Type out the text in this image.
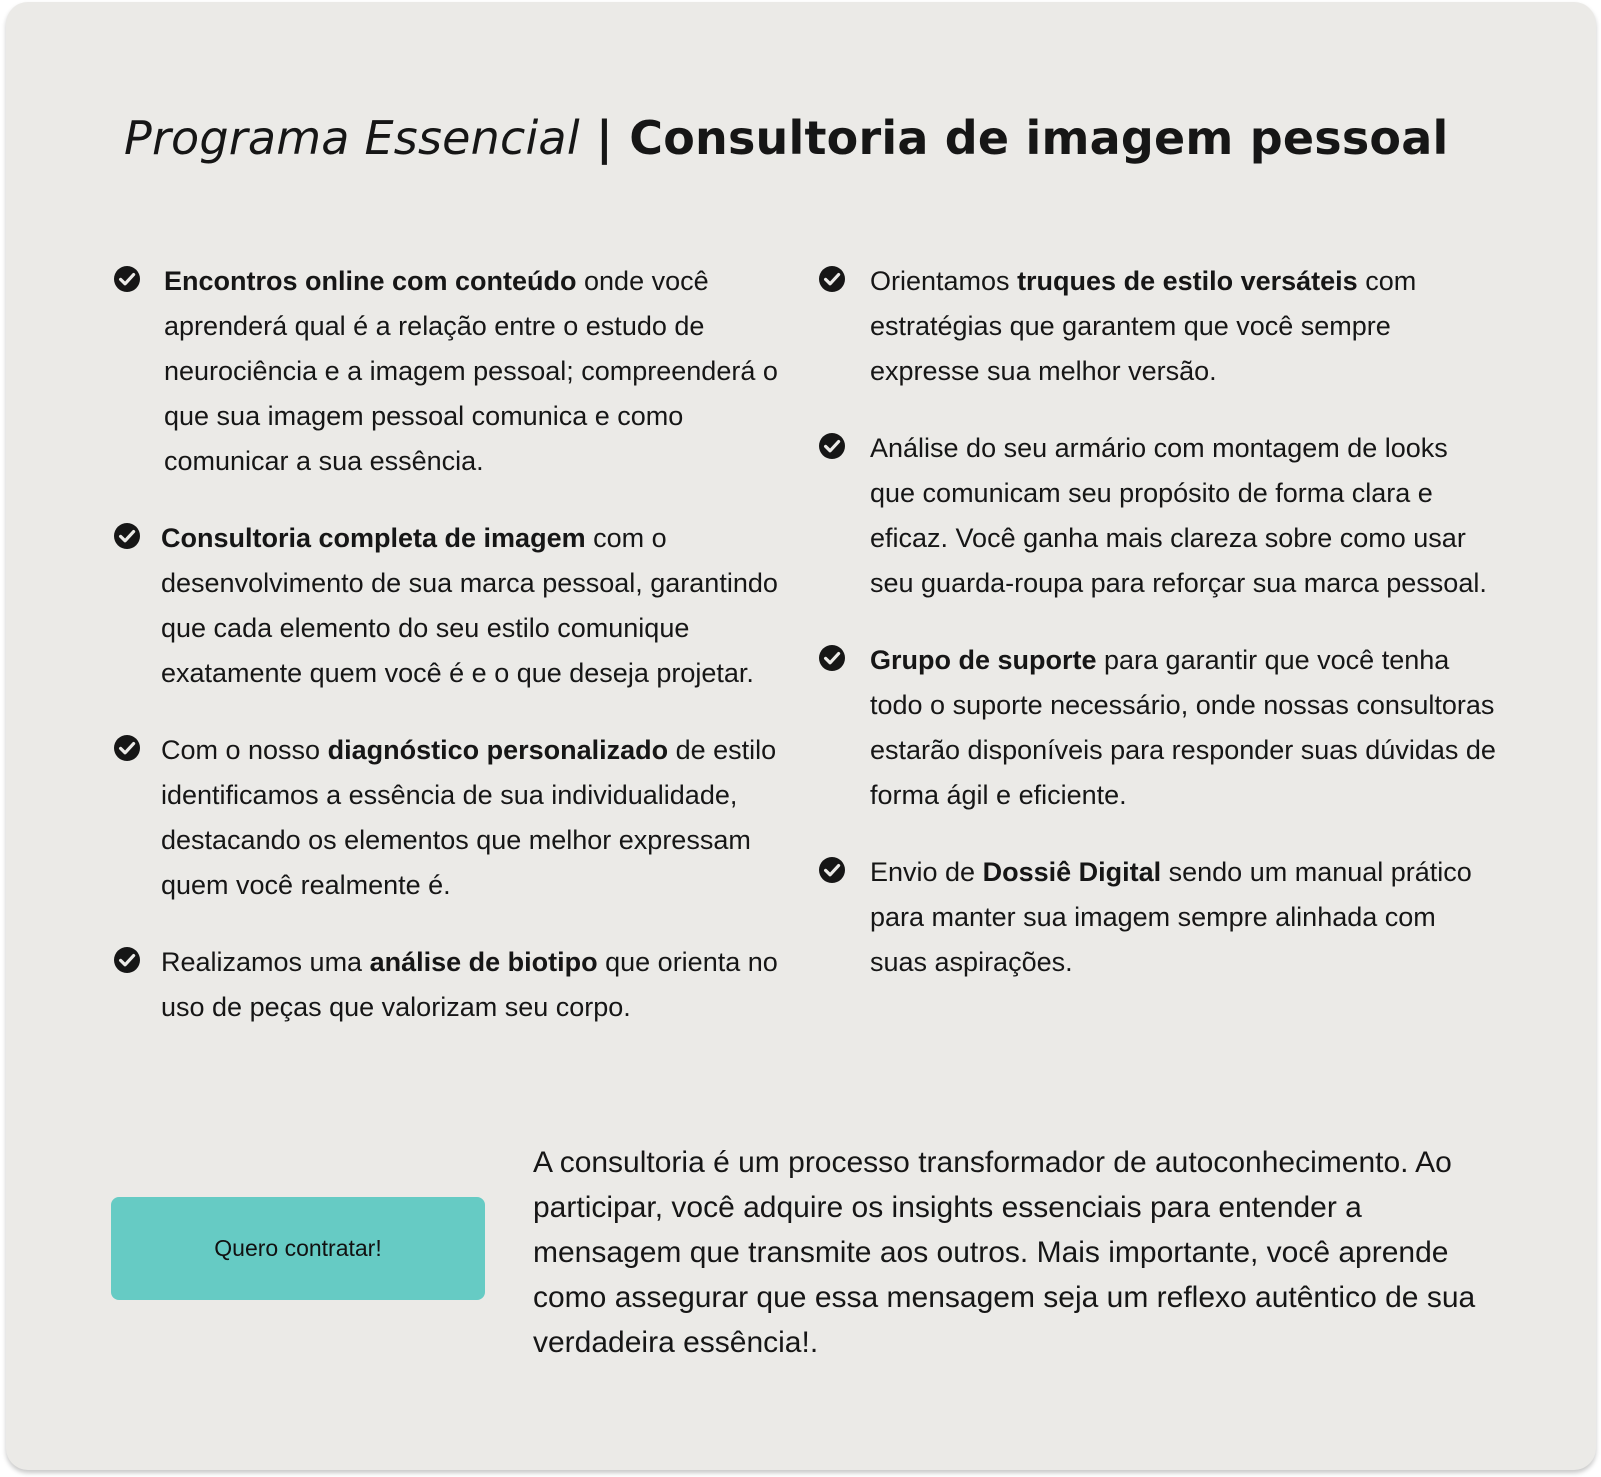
Programa Essencial | Consultoria de imagem pessoal

Encontros online com conteúdo onde você aprenderá qual é a relação entre o estudo de neurociência e a imagem pessoal; compreenderá o que sua imagem pessoal comunica e como comunicar a sua essência.

Consultoria completa de imagem com o desenvolvimento de sua marca pessoal, garantindo que cada elemento do seu estilo comunique exatamente quem você é e o que deseja projetar.

Com o nosso diagnóstico personalizado de estilo identificamos a essência de sua individualidade, destacando os elementos que melhor expressam quem você realmente é.

Realizamos uma análise de biotipo que orienta no uso de peças que valorizam seu corpo.

Orientamos truques de estilo versáteis com estratégias que garantem que você sempre expresse sua melhor versão.

Análise do seu armário com montagem de looks que comunicam seu propósito de forma clara e eficaz. Você ganha mais clareza sobre como usar seu guarda-roupa para reforçar sua marca pessoal.

Grupo de suporte para garantir que você tenha todo o suporte necessário, onde nossas consultoras estarão disponíveis para responder suas dúvidas de forma ágil e eficiente.

Envio de Dossiê Digital sendo um manual prático para manter sua imagem sempre alinhada com suas aspirações.

Quero contratar!

A consultoria é um processo transformador de autoconhecimento. Ao participar, você adquire os insights essenciais para entender a mensagem que transmite aos outros. Mais importante, você aprende como assegurar que essa mensagem seja um reflexo autêntico de sua verdadeira essência!.
